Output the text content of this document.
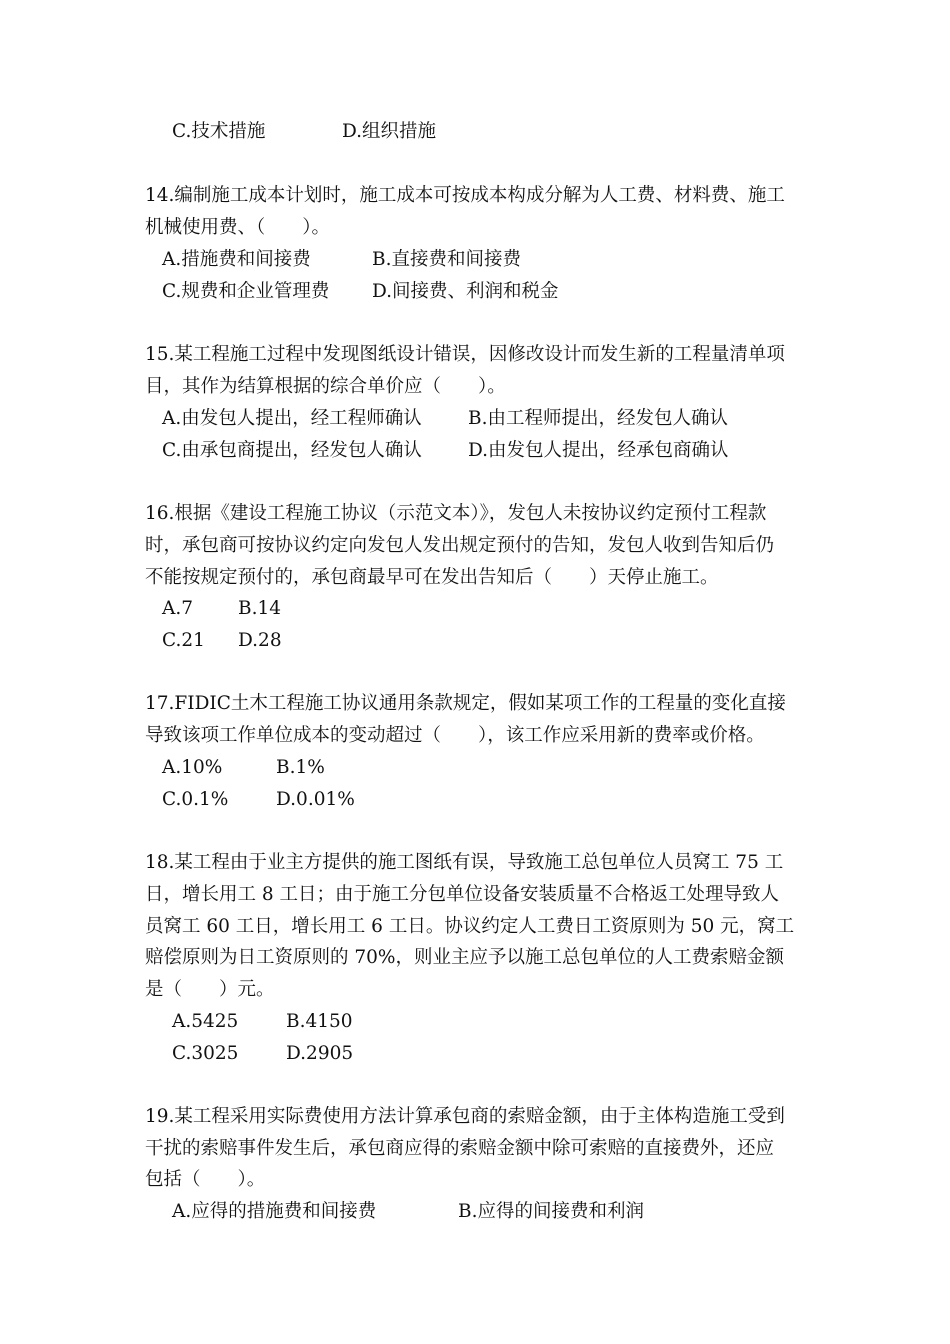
C.技术措施	D.组织措施
14.编制施工成本计划时，施工成本可按成本构成分解为人工费、材料费、施工
机械使用费、（　　）。
A.措施费和间接费	B.直接费和间接费
C.规费和企业管理费 D.间接费、利润和税金
15.某工程施工过程中发现图纸设计错误，因修改设计而发生新的工程量清单项
目，其作为结算根据的综合单价应（　　）。
A.由发包人提出，经工程师确认	B.由工程师提出，经发包人确认
C.由承包商提出，经发包人确认 D.由发包人提出，经承包商确认
16.根据《建设工程施工协议（示范文本）》，发包人未按协议约定预付工程款
时，承包商可按协议约定向发包人发出规定预付的告知，发包人收到告知后仍
不能按规定预付的，承包商最早可在发出告知后（　　）天停止施工。
A.7 B.14
C.21 D.28
17.FIDIC土木工程施工协议通用条款规定，假如某项工作的工程量的变化直接
导致该项工作单位成本的变动超过（　　），该工作应采用新的费率或价格。
A.10%	B.1%
C.0.1%	D.0.01%
18.某工程由于业主方提供的施工图纸有误，导致施工总包单位人员窝工 75 工
日，增长用工 8 工日；由于施工分包单位设备安装质量不合格返工处理导致人
员窝工 60 工日，增长用工 6 工日。协议约定人工费日工资原则为 50 元，窝工
赔偿原则为日工资原则的 70%，则业主应予以施工总包单位的人工费索赔金额
是（　　）元。
A.5425	B.4150
C.3025	D.2905
19.某工程采用实际费使用方法计算承包商的索赔金额，由于主体构造施工受到
干扰的索赔事件发生后，承包商应得的索赔金额中除可索赔的直接费外，还应
包括（　　）。
A.应得的措施费和间接费	B.应得的间接费和利润
